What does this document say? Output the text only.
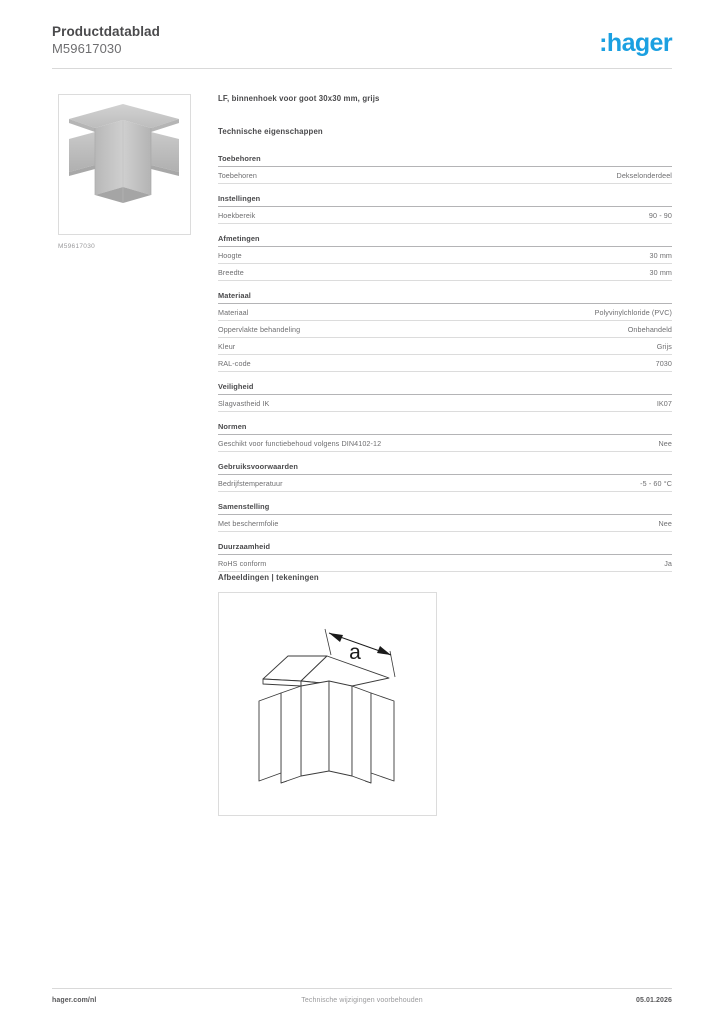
Productdatablad
M59617030	:hager
M59617030
LF, binnenhoek voor goot 30x30 mm, grijs
Technische eigenschappen
Toebehoren
Toebehoren	Dekselonderdeel
Instellingen
Hoekbereik	90 - 90
Afmetingen
Hoogte	30 mm
Breedte	30 mm
Materiaal
Materiaal	Polyvinylchloride (PVC)
Oppervlakte behandeling	Onbehandeld
Kleur	Grijs
RAL-code	7030
Veiligheid
Slagvastheid IK	IK07
Normen
Geschikt voor functiebehoud volgens DIN4102-12	Nee
Gebruiksvoorwaarden
Bedrijfstemperatuur	-5 - 60 °C
Samenstelling
Met beschermfolie	Nee
Duurzaamheid
RoHS conform	Ja
Afbeeldingen | tekeningen
a
hager.com/nl	Technische wijzigingen voorbehouden	05.01.2026
